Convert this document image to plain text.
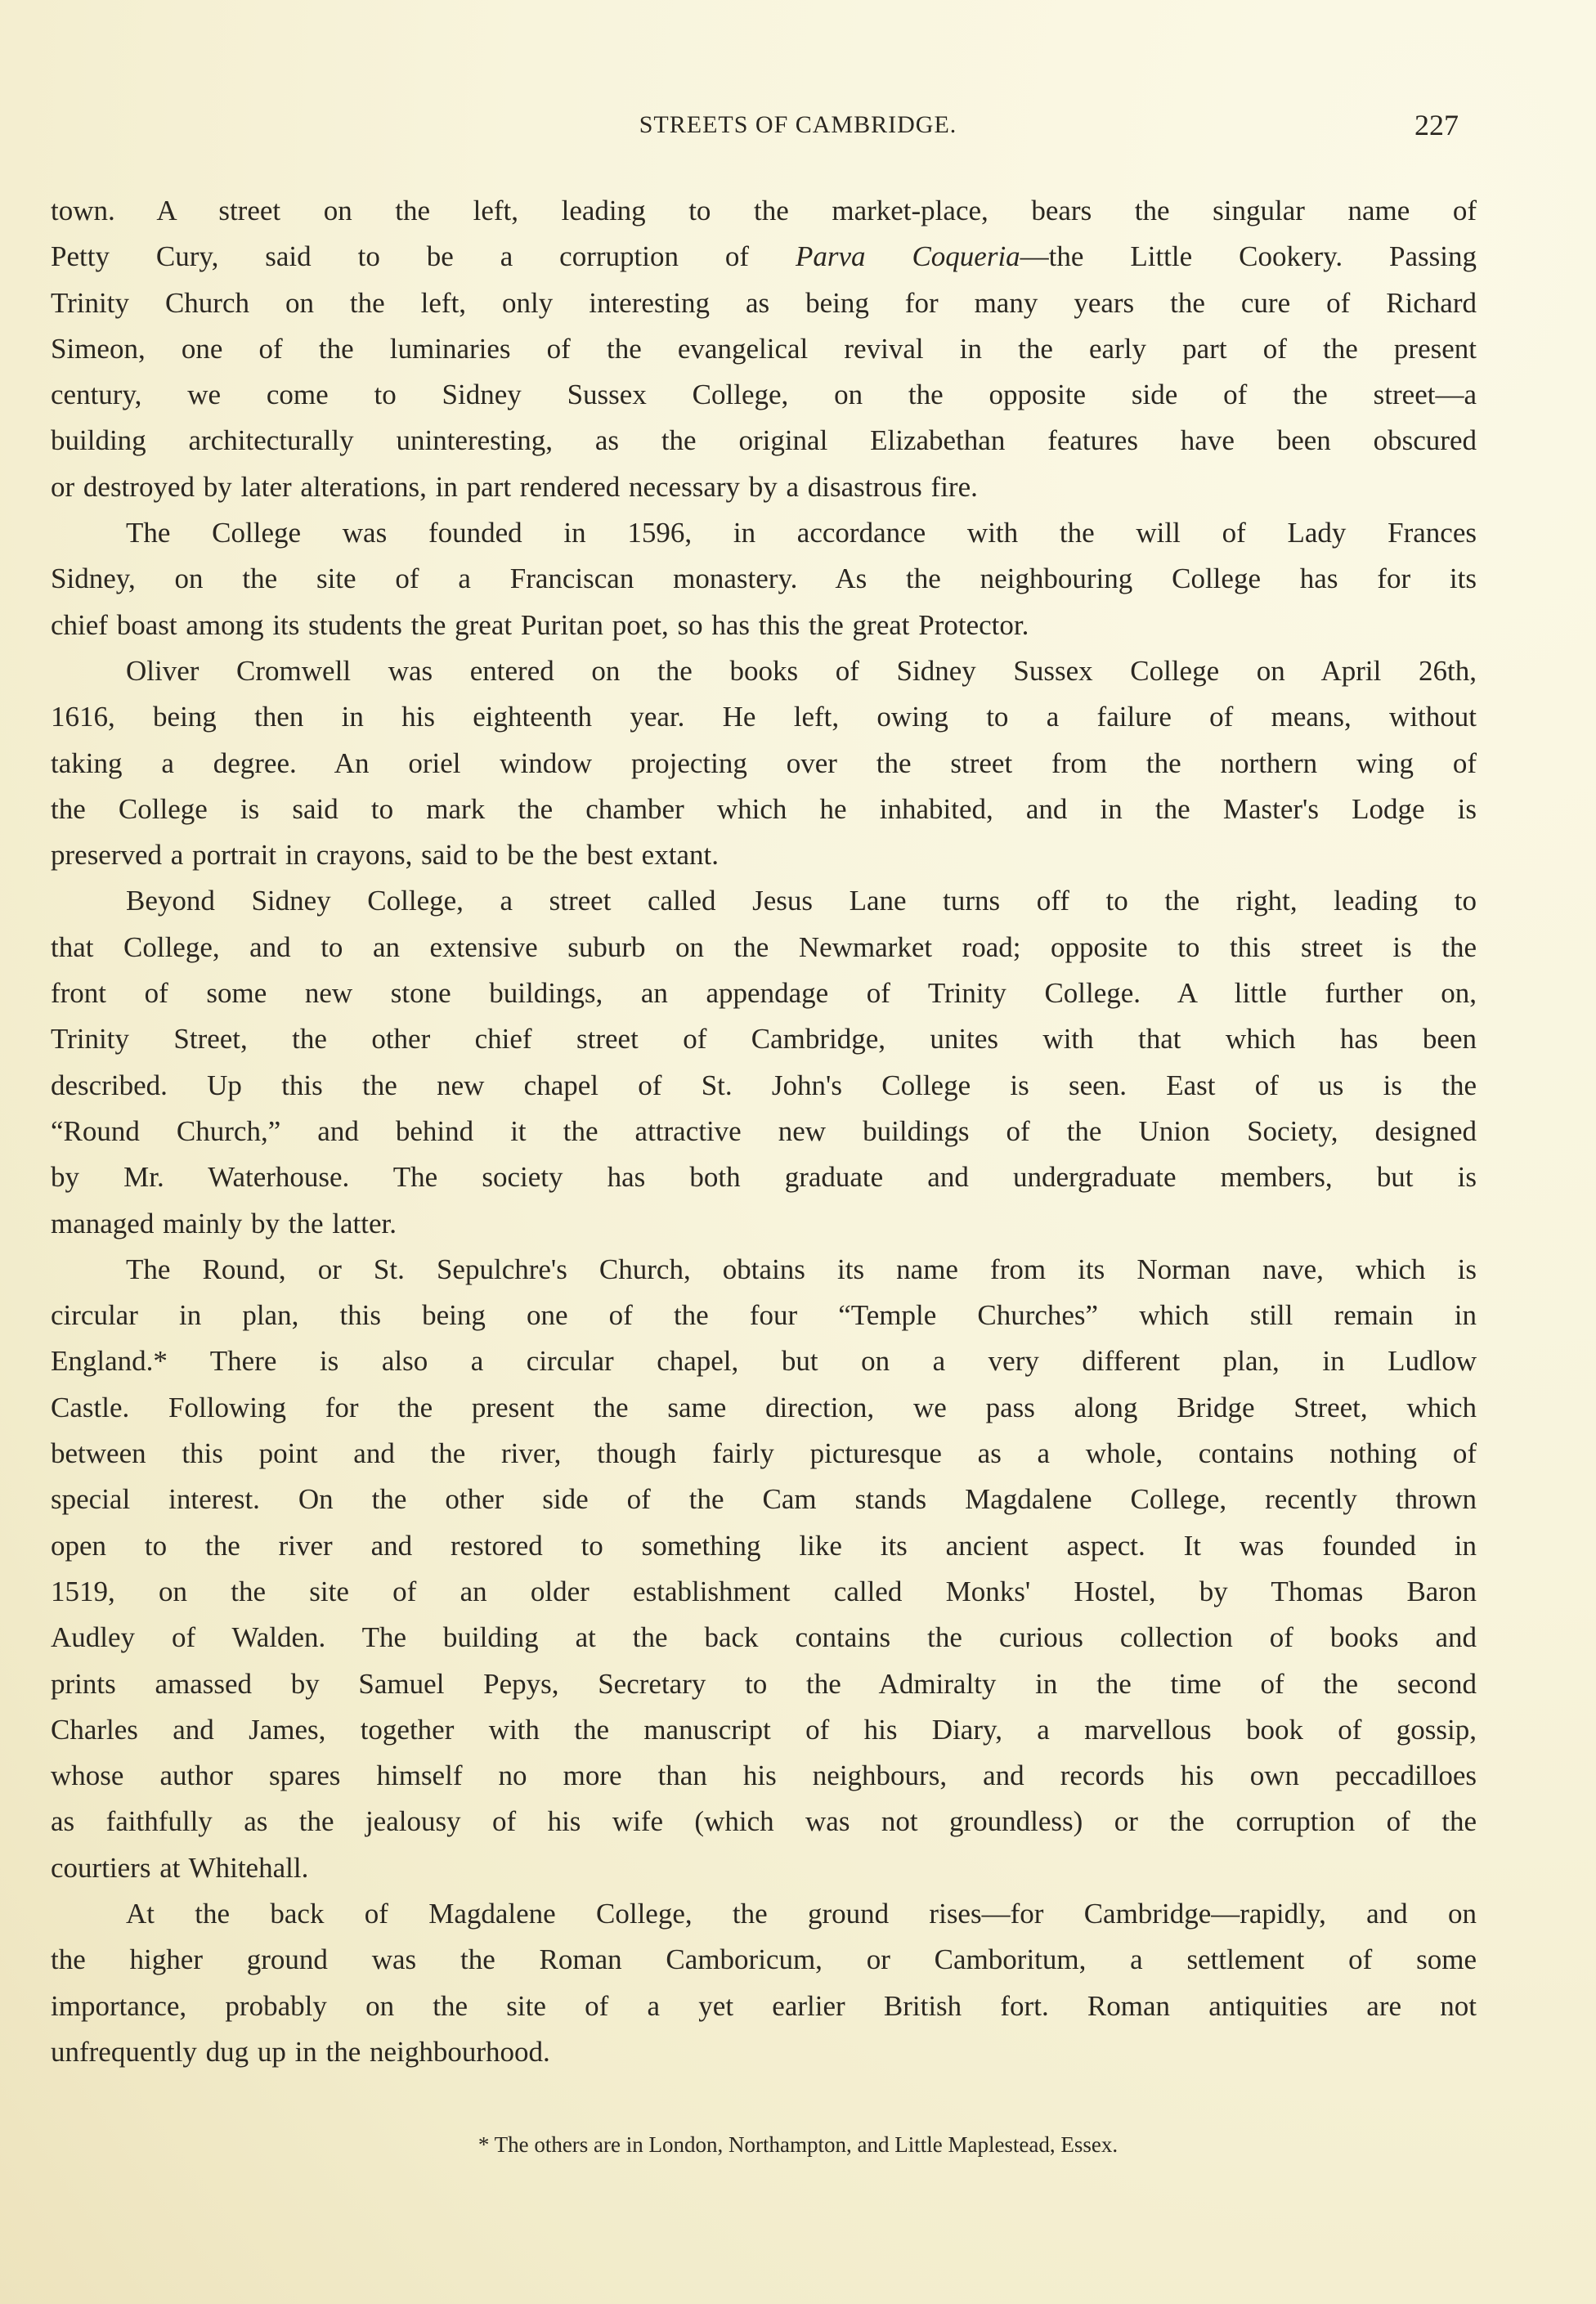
STREETS OF CAMBRIDGE.	227
town. A street on the left, leading to the market-place, bears the singular name of
Petty Cury, said to be a corruption of Parva Coqueria—the Little Cookery. Passing
Trinity Church on the left, only interesting as being for many years the cure of Richard
Simeon, one of the luminaries of the evangelical revival in the early part of the present
century, we come to Sidney Sussex College, on the opposite side of the street—a
building architecturally uninteresting, as the original Elizabethan features have been obscured
or destroyed by later alterations, in part rendered necessary by a disastrous fire.
The College was founded in 1596, in accordance with the will of Lady Frances
Sidney, on the site of a Franciscan monastery. As the neighbouring College has for its
chief boast among its students the great Puritan poet, so has this the great Protector.
Oliver Cromwell was entered on the books of Sidney Sussex College on April 26th,
1616, being then in his eighteenth year. He left, owing to a failure of means, without
taking a degree. An oriel window projecting over the street from the northern wing of
the College is said to mark the chamber which he inhabited, and in the Master's Lodge is
preserved a portrait in crayons, said to be the best extant.
Beyond Sidney College, a street called Jesus Lane turns off to the right, leading to
that College, and to an extensive suburb on the Newmarket road; opposite to this street is the
front of some new stone buildings, an appendage of Trinity College. A little further on,
Trinity Street, the other chief street of Cambridge, unites with that which has been
described. Up this the new chapel of St. John's College is seen. East of us is the
“Round Church,” and behind it the attractive new buildings of the Union Society, designed
by Mr. Waterhouse. The society has both graduate and undergraduate members, but is
managed mainly by the latter.
The Round, or St. Sepulchre's Church, obtains its name from its Norman nave, which is
circular in plan, this being one of the four “Temple Churches” which still remain in
England.* There is also a circular chapel, but on a very different plan, in Ludlow
Castle. Following for the present the same direction, we pass along Bridge Street, which
between this point and the river, though fairly picturesque as a whole, contains nothing of
special interest. On the other side of the Cam stands Magdalene College, recently thrown
open to the river and restored to something like its ancient aspect. It was founded in
1519, on the site of an older establishment called Monks' Hostel, by Thomas Baron
Audley of Walden. The building at the back contains the curious collection of books and
prints amassed by Samuel Pepys, Secretary to the Admiralty in the time of the second
Charles and James, together with the manuscript of his Diary, a marvellous book of gossip,
whose author spares himself no more than his neighbours, and records his own peccadilloes
as faithfully as the jealousy of his wife (which was not groundless) or the corruption of the
courtiers at Whitehall.
At the back of Magdalene College, the ground rises—for Cambridge—rapidly, and on
the higher ground was the Roman Camboricum, or Camboritum, a settlement of some
importance, probably on the site of a yet earlier British fort. Roman antiquities are not
unfrequently dug up in the neighbourhood.
* The others are in London, Northampton, and Little Maplestead, Essex.
